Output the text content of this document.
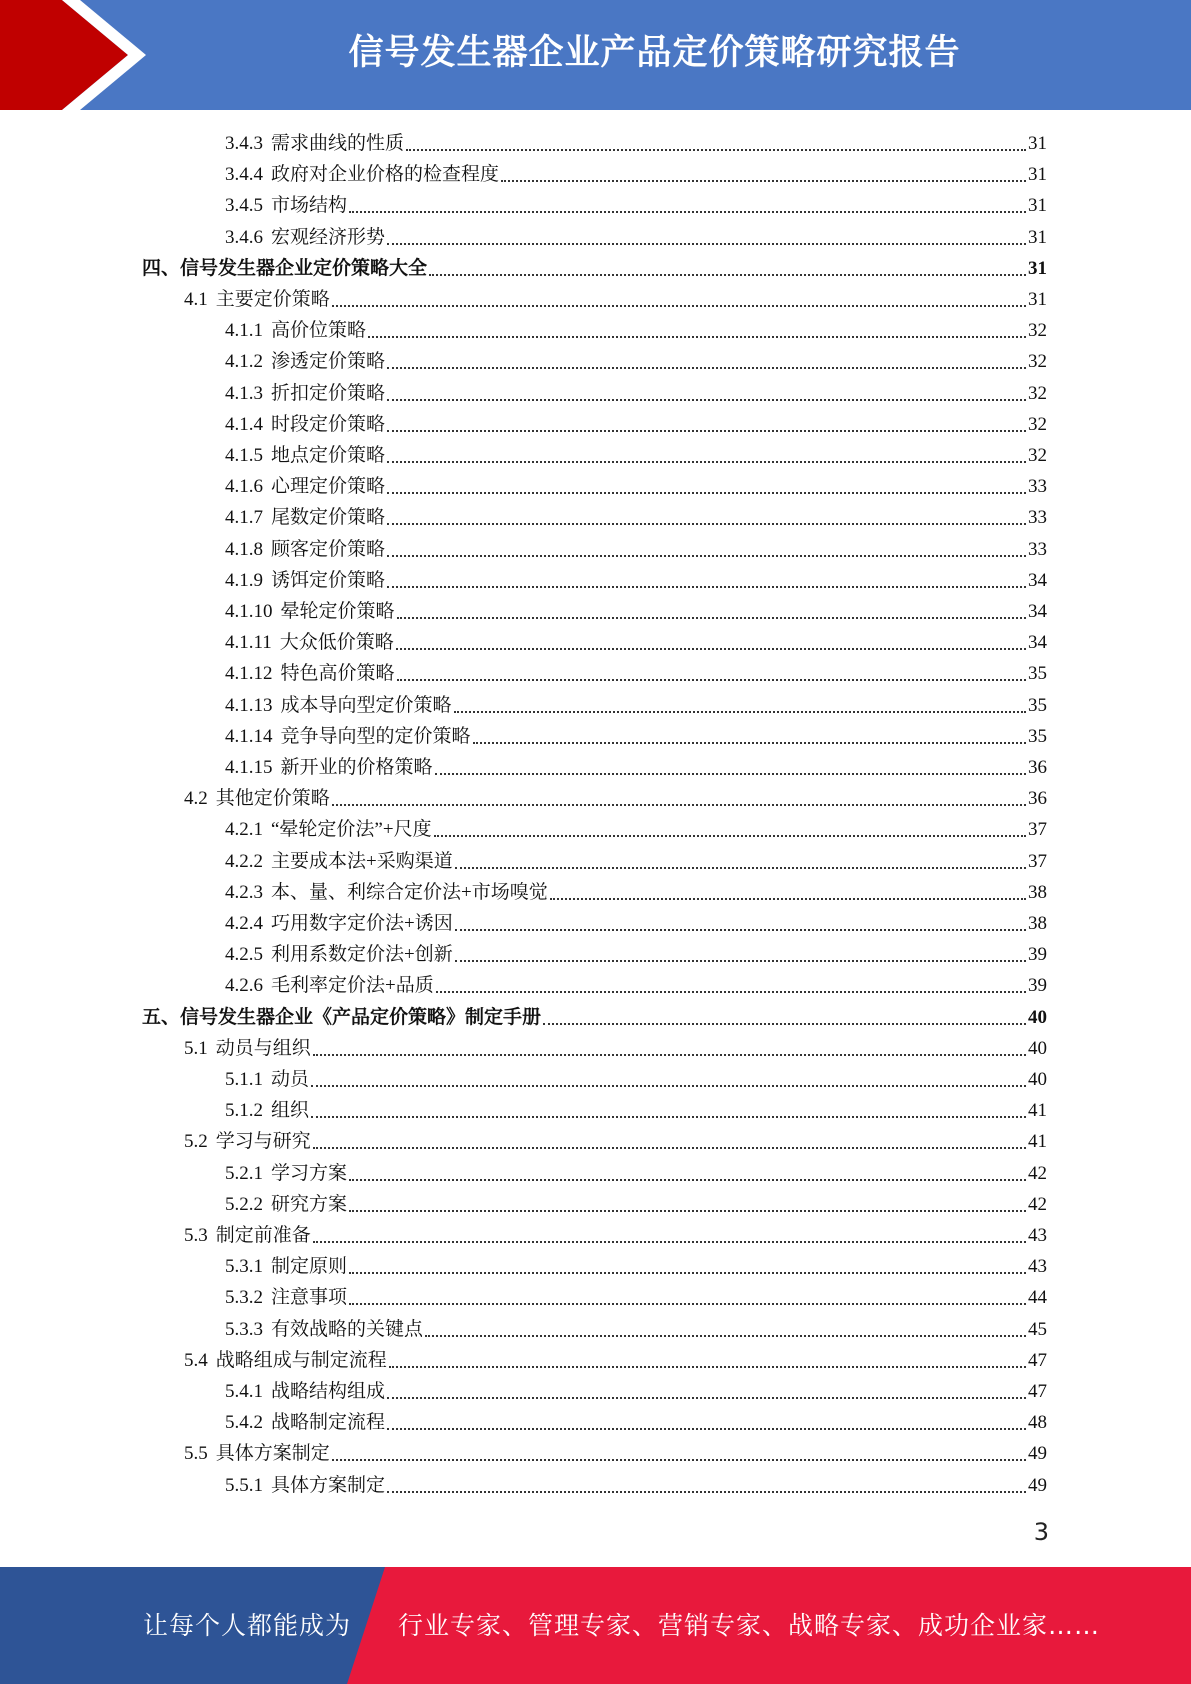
信号发生器企业产品定价策略研究报告
3.4.3 需求曲线的性质	31
3.4.4 政府对企业价格的检查程度	31
3.4.5 市场结构	31
3.4.6 宏观经济形势	31
四、信号发生器企业定价策略大全	31
4.1 主要定价策略	31
4.1.1 高价位策略	32
4.1.2 渗透定价策略	32
4.1.3 折扣定价策略	32
4.1.4 时段定价策略	32
4.1.5 地点定价策略	32
4.1.6 心理定价策略	33
4.1.7 尾数定价策略	33
4.1.8 顾客定价策略	33
4.1.9 诱饵定价策略	34
4.1.10 晕轮定价策略	34
4.1.11 大众低价策略	34
4.1.12 特色高价策略	35
4.1.13 成本导向型定价策略	35
4.1.14 竞争导向型的定价策略	35
4.1.15 新开业的价格策略	36
4.2 其他定价策略	36
4.2.1 “晕轮定价法”+尺度	37
4.2.2 主要成本法+采购渠道	37
4.2.3 本、量、利综合定价法+市场嗅觉	38
4.2.4 巧用数字定价法+诱因	38
4.2.5 利用系数定价法+创新	39
4.2.6 毛利率定价法+品质	39
五、信号发生器企业《产品定价策略》制定手册	40
5.1 动员与组织	40
5.1.1 动员	40
5.1.2 组织	41
5.2 学习与研究	41
5.2.1 学习方案	42
5.2.2 研究方案	42
5.3 制定前准备	43
5.3.1 制定原则	43
5.3.2 注意事项	44
5.3.3 有效战略的关键点	45
5.4 战略组成与制定流程	47
5.4.1 战略结构组成	47
5.4.2 战略制定流程	48
5.5 具体方案制定	49
5.5.1 具体方案制定	49
3
让每个人都能成为 行业专家、管理专家、营销专家、战略专家、成功企业家……
